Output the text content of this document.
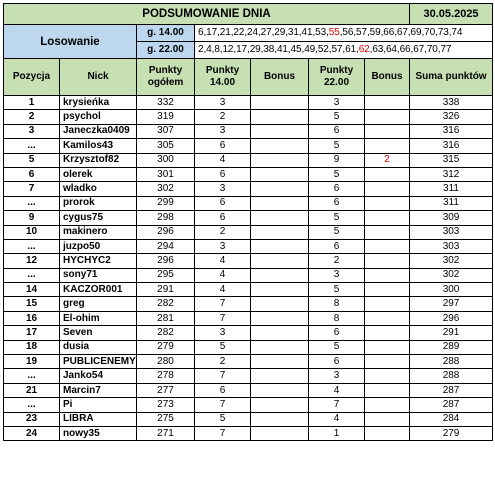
PODSUMOWANIE DNIA							30.05.2025
Losowanie		g. 14.00	6,17,21,22,24,27,29,31,41,53,55,56,57,59,66,67,69,70,73,74				
		g. 22.00	2,4,8,12,17,29,38,41,45,49,52,57,61,62,63,64,66,67,70,77				
Pozycja	Nick	Punkty ogółem	Punkty 14.00	Bonus	Punkty 22.00	Bonus	Suma punktów
1	krysieńka	332	3		3		338
2	psychol	319	2		5		326
3	Janeczka0409	307	3		6		316
...	Kamilos43	305	6		5		316
5	Krzysztof82	300	4		9	2	315
6	olerek	301	6		5		312
7	wladko	302	3		6		311
...	prorok	299	6		6		311
9	cygus75	298	6		5		309
10	makinero	296	2		5		303
...	juzpo50	294	3		6		303
12	HYCHYC2	296	4		2		302
...	sony71	295	4		3		302
14	KACZOR001	291	4		5		300
15	greg	282	7		8		297
16	El-ohim	281	7		8		296
17	Seven	282	3		6		291
18	dusia	279	5		5		289
19	PUBLICENEMY	280	2		6		288
...	Janko54	278	7		3		288
21	Marcin7	277	6		4		287
...	Pi	273	7		7		287
23	LIBRA	275	5		4		284
24	nowy35	271	7		1		279
